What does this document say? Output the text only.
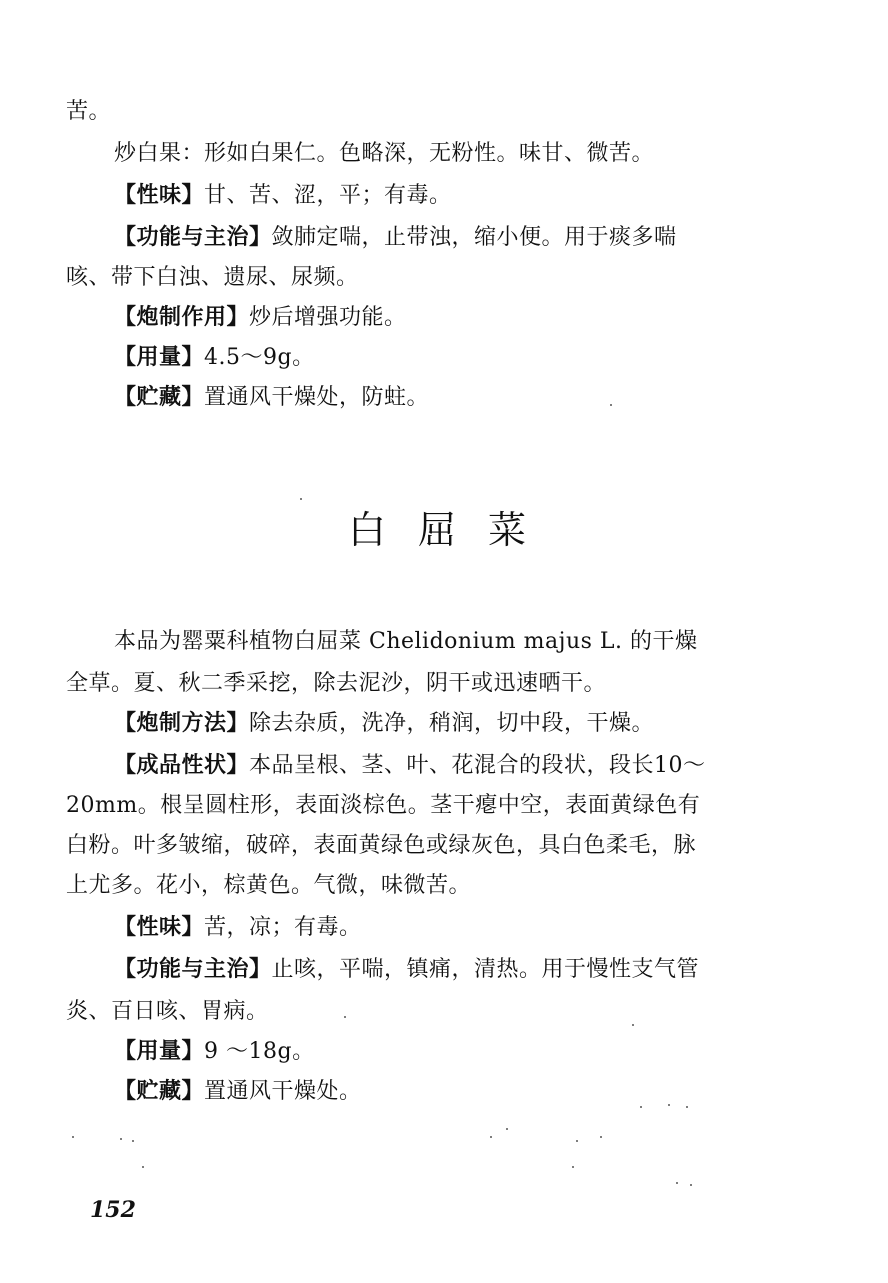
苦。
炒白果：形如白果仁。色略深，无粉性。味甘、微苦。
【性味】甘、苦、涩，平；有毒。
【功能与主治】敛肺定喘，止带浊，缩小便。用于痰多喘
咳、带下白浊、遗尿、尿频。
【炮制作用】炒后增强功能。
【用量】4.5～9g。
【贮藏】置通风干燥处，防蛀。
白屈菜
本品为罂粟科植物白屈菜 Chelidonium majus L. 的干燥
全草。夏、秋二季采挖，除去泥沙，阴干或迅速晒干。
【炮制方法】除去杂质，洗净，稍润，切中段，干燥。
【成品性状】本品呈根、茎、叶、花混合的段状，段长10～
20mm。根呈圆柱形，表面淡棕色。茎干瘪中空，表面黄绿色有
白粉。叶多皱缩，破碎，表面黄绿色或绿灰色，具白色柔毛，脉
上尤多。花小，棕黄色。气微，味微苦。
【性味】苦，凉；有毒。
【功能与主治】止咳，平喘，镇痛，清热。用于慢性支气管
炎、百日咳、胃病。
【用量】9 ～18g。
【贮藏】置通风干燥处。
152
